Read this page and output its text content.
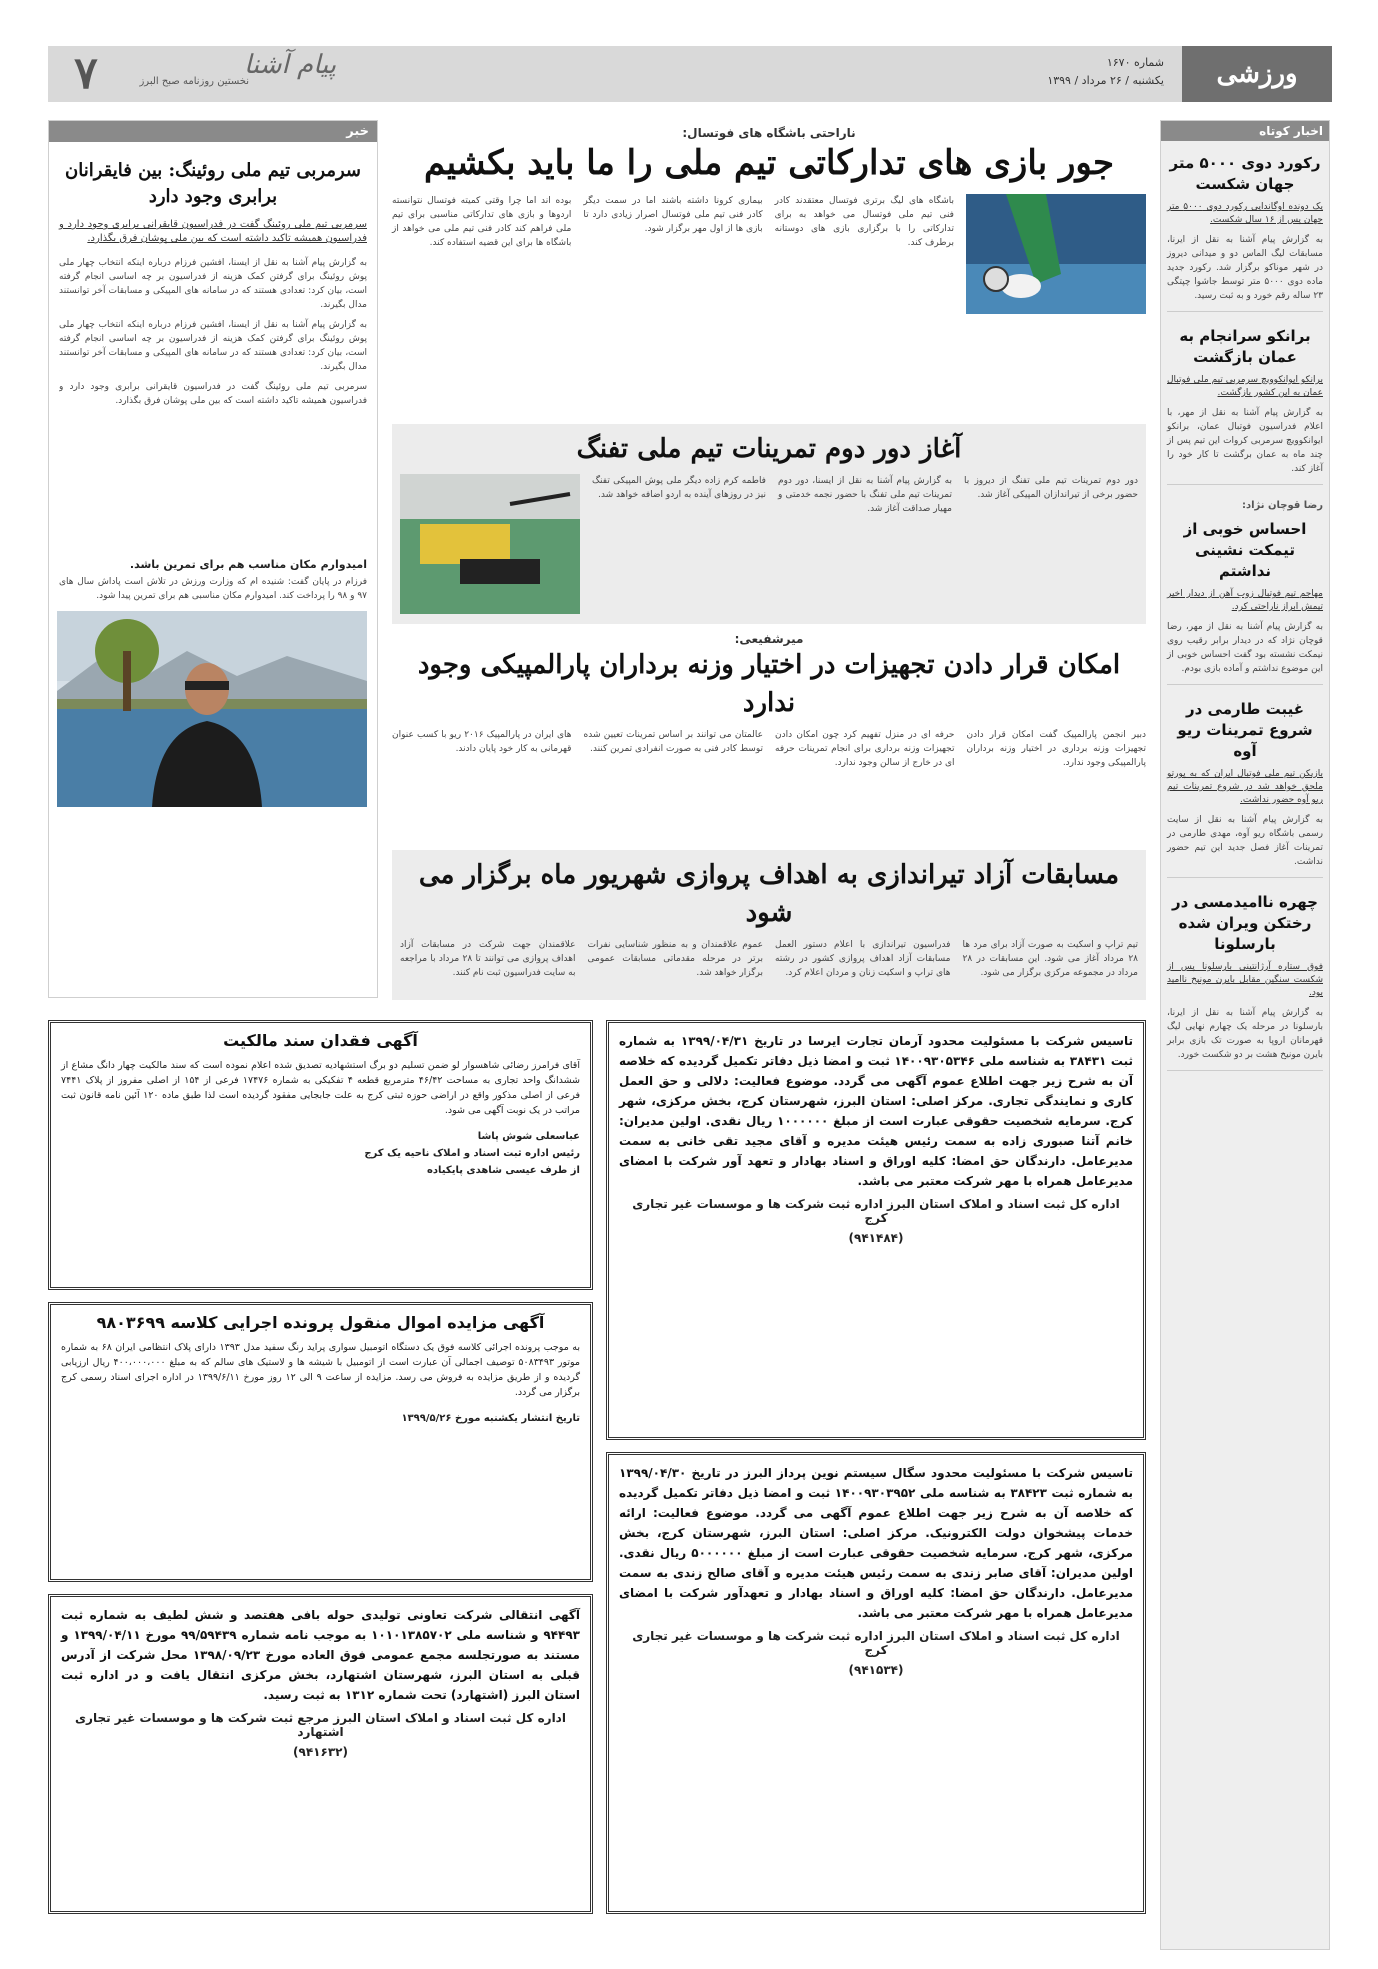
ورزشی
شماره ۱۶۷۰
یکشنبه / ۲۶ مرداد / ۱۳۹۹
پیام آشنا
نخستین روزنامه صبح البرز
۷
اخبار کوتاه
رکورد دوی ۵۰۰۰ متر جهان شکست
یک دونده اوگاندایی رکورد دوی ۵۰۰۰ متر جهان پس از ۱۶ سال شکست.
به گزارش پیام آشنا به نقل از ایرنا، مسابقات لیگ الماس دو و میدانی دیروز در شهر موناکو برگزار شد. رکورد جدید ماده دوی ۵۰۰۰ متر توسط جاشوا چپتگی ۲۳ ساله رقم خورد و به ثبت رسید.
برانکو سرانجام به عمان بازگشت
برانکو ایوانکوویچ سرمربی تیم ملی فوتبال عمان به این کشور بازگشت.
به گزارش پیام آشنا به نقل از مهر، با اعلام فدراسیون فوتبال عمان، برانکو ایوانکوویچ سرمربی کروات این تیم پس از چند ماه به عمان برگشت تا کار خود را آغاز کند.
رضا قوچان نژاد:
احساس خوبی از تیمکت نشینی نداشتم
مهاجم تیم فوتبال زوب آهن از دیدار اخیر تیمش ابراز ناراحتی کرد.
به گزارش پیام آشنا به نقل از مهر، رضا قوچان نژاد که در دیدار برابر رقیب روی نیمکت نشسته بود گفت احساس خوبی از این موضوع نداشتم و آماده بازی بودم.
غیبت طارمی در شروع تمرینات ریو آوه
بازیکن تیم ملی فوتبال ایران که به پورتو ملحق خواهد شد در شروع تمرینات تیم ریو آوه حضور نداشت.
به گزارش پیام آشنا به نقل از سایت رسمی باشگاه ریو آوه، مهدی طارمی در تمرینات آغاز فصل جدید این تیم حضور نداشت.
چهره ناامیدمسی در رختکن ویران شده بارسلونا
فوق ستاره آرژانتینی بارسلونا پس از شکست سنگین مقابل بایرن مونیخ ناامید بود.
به گزارش پیام آشنا به نقل از ایرنا، بارسلونا در مرحله یک چهارم نهایی لیگ قهرمانان اروپا به صورت تک بازی برابر بایرن مونیخ هشت بر دو شکست خورد.
خبر
سرمربی تیم ملی روئینگ: بین فایقرانان برابری وجود دارد
سرمربی تیم ملی روئینگ گفت در فدراسیون قایقرانی برابری وجود دارد و فدراسیون همیشه تاکید داشته است که بین ملی پوشان فرق بگذارد.
به گزارش پیام آشنا به نقل از ایسنا، افشین فرزام درباره اینکه انتخاب چهار ملی پوش روئینگ برای گرفتن کمک هزینه از فدراسیون بر چه اساسی انجام گرفته است، بیان کرد: تعدادی هستند که در سامانه های المپیکی و مسابقات آخر توانستند مدال بگیرند.
به گزارش پیام آشنا به نقل از ایسنا، افشین فرزام درباره اینکه انتخاب چهار ملی پوش روئینگ برای گرفتن کمک هزینه از فدراسیون بر چه اساسی انجام گرفته است، بیان کرد: تعدادی هستند که در سامانه های المپیکی و مسابقات آخر توانستند مدال بگیرند.
سرمربی تیم ملی روئینگ گفت در فدراسیون قایقرانی برابری وجود دارد و فدراسیون همیشه تاکید داشته است که بین ملی پوشان فرق بگذارد.
امیدوارم مکان مناسب هم برای تمرین باشد.
فرزام در پایان گفت: شنیده ام که وزارت ورزش در تلاش است پاداش سال های ۹۷ و ۹۸ را پرداخت کند. امیدوارم مکان مناسبی هم برای تمرین پیدا شود.
ناراحتی باشگاه های فوتسال:
جور بازی های تدارکاتی تیم ملی را ما باید بکشیم
باشگاه های لیگ برتری فوتسال معتقدند کادر فنی تیم ملی فوتسال می خواهد به برای تدارکاتی را با برگزاری بازی های دوستانه برطرف کند.
بیماری کرونا داشته باشند اما در سمت دیگر کادر فنی تیم ملی فوتسال اصرار زیادی دارد تا بازی ها از اول مهر برگزار شود.
بوده اند اما چرا وقتی کمیته فوتسال نتوانسته اردوها و بازی های تدارکاتی مناسبی برای تیم ملی فراهم کند کادر فنی تیم ملی می خواهد از باشگاه ها برای این قضیه استفاده کند.
آغاز دور دوم تمرینات تیم ملی تفنگ
دور دوم تمرینات تیم ملی تفنگ از دیروز با حضور برخی از تیراندازان المپیکی آغاز شد.
به گزارش پیام آشنا به نقل از ایسنا، دور دوم تمرینات تیم ملی تفنگ با حضور نجمه خدمتی و مهیار صداقت آغاز شد.
فاطمه کرم زاده دیگر ملی پوش المپیکی تفنگ نیز در روزهای آینده به اردو اضافه خواهد شد.
میرشفیعی:
امکان قرار دادن تجهیزات در اختیار وزنه برداران پارالمپیکی وجود ندارد
دبیر انجمن پارالمپیک گفت امکان قرار دادن تجهیزات وزنه برداری در اختیار وزنه برداران پارالمپیکی وجود ندارد.
حرفه ای در منزل تفهیم کرد چون امکان دادن تجهیزات وزنه برداری برای انجام تمرینات حرفه ای در خارج از سالن وجود ندارد.
عالمتان می توانند بر اساس تمرینات تعیین شده توسط کادر فنی به صورت انفرادی تمرین کنند.
های ایران در پارالمپیک ۲۰۱۶ ریو با کسب عنوان قهرمانی به کار خود پایان دادند.
مسابقات آزاد تیراندازی به اهداف پروازی شهریور ماه برگزار می شود
تیم تراپ و اسکیت به صورت آزاد برای مرد ها ۲۸ مرداد آغاز می شود. این مسابقات در ۲۸ مرداد در مجموعه مرکزی برگزار می شود.
فدراسیون تیراندازی با اعلام دستور العمل مسابقات آزاد اهداف پروازی کشور در رشته های تراپ و اسکیت زنان و مردان اعلام کرد.
عموم علاقمندان و به منظور شناسایی نفرات برتر در مرحله مقدماتی مسابقات عمومی برگزار خواهد شد.
علاقمندان جهت شرکت در مسابقات آزاد اهداف پروازی می توانند تا ۲۸ مرداد با مراجعه به سایت فدراسیون ثبت نام کنند.
تاسیس شرکت با مسئولیت محدود آرمان تجارت ایرسا در تاریخ ۱۳۹۹/۰۴/۳۱ به شماره ثبت ۳۸۴۳۱ به شناسه ملی ۱۴۰۰۹۳۰۵۳۴۶ ثبت و امضا ذیل دفاتر تکمیل گردیده که خلاصه آن به شرح زیر جهت اطلاع عموم آگهی می گردد. موضوع فعالیت: دلالی و حق العمل کاری و نمایندگی تجاری. مرکز اصلی: استان البرز، شهرستان کرج، بخش مرکزی، شهر کرج. سرمایه شخصیت حقوقی عبارت است از مبلغ ۱۰۰۰۰۰۰ ریال نقدی. اولین مدیران: خانم آتنا صبوری زاده به سمت رئیس هیئت مدیره و آقای مجید تقی خانی به سمت مدیرعامل. دارندگان حق امضا: کلیه اوراق و اسناد بهادار و تعهد آور شرکت با امضای مدیرعامل همراه با مهر شرکت معتبر می باشد.
اداره کل ثبت اسناد و املاک استان البرز اداره ثبت شرکت ها و موسسات غیر تجاری کرج
(۹۴۱۴۸۴)
آگهی فقدان سند مالکیت
آقای فرامرز رضائی شاهسوار لو ضمن تسلیم دو برگ استشهادیه تصدیق شده اعلام نموده است که سند مالکیت چهار دانگ مشاع از ششدانگ واحد تجاری به مساحت ۴۶/۴۲ مترمربع قطعه ۴ تفکیکی به شماره ۱۷۴۷۶ فرعی از ۱۵۴ از اصلی مفروز از پلاک ۷۴۴۱ فرعی از اصلی مذکور واقع در اراضی حوزه ثبتی کرج به علت جابجایی مفقود گردیده است لذا طبق ماده ۱۲۰ آئین نامه قانون ثبت مراتب در یک نوبت آگهی می شود.
عباسعلی شوش پاشا
رئیس اداره ثبت اسناد و املاک ناحیه یک کرج
از طرف عیسی شاهدی پایکیاده
آگهی مزایده اموال منقول پرونده اجرایی کلاسه ۹۸۰۳۶۹۹
به موجب پرونده اجرائی کلاسه فوق یک دستگاه اتومبیل سواری پراید رنگ سفید مدل ۱۳۹۳ دارای پلاک انتظامی ایران ۶۸ به شماره موتور ۵۰۸۳۴۹۳ توصیف اجمالی آن عبارت است از اتومبیل با شیشه ها و لاستیک های سالم که به مبلغ ۴۰۰،۰۰۰،۰۰۰ ریال ارزیابی گردیده و از طریق مزایده به فروش می رسد. مزایده از ساعت ۹ الی ۱۲ روز مورخ ۱۳۹۹/۶/۱۱ در اداره اجرای اسناد رسمی کرج برگزار می گردد.
تاریخ انتشار یکشنبه مورخ ۱۳۹۹/۵/۲۶
آگهی انتقالی شرکت تعاونی تولیدی حوله بافی هفتصد و شش لطیف به شماره ثبت ۹۴۴۹۳ و شناسه ملی ۱۰۱۰۱۳۸۵۷۰۲ به موجب نامه شماره ۹۹/۵۹۴۳۹ مورخ ۱۳۹۹/۰۴/۱۱ و مستند به صورتجلسه مجمع عمومی فوق العاده مورخ ۱۳۹۸/۰۹/۲۳ محل شرکت از آدرس قبلی به استان البرز، شهرستان اشتهارد، بخش مرکزی انتقال یافت و در اداره ثبت استان البرز (اشتهارد) تحت شماره ۱۳۱۲ به ثبت رسید.
اداره کل ثبت اسناد و املاک استان البرز مرجع ثبت شرکت ها و موسسات غیر تجاری اشتهارد
(۹۴۱۶۳۲)
تاسیس شرکت با مسئولیت محدود سگال سیستم نوین پرداز البرز در تاریخ ۱۳۹۹/۰۴/۳۰ به شماره ثبت ۳۸۴۲۳ به شناسه ملی ۱۴۰۰۹۳۰۳۹۵۲ ثبت و امضا ذیل دفاتر تکمیل گردیده که خلاصه آن به شرح زیر جهت اطلاع عموم آگهی می گردد. موضوع فعالیت: ارائه خدمات پیشخوان دولت الکترونیک. مرکز اصلی: استان البرز، شهرستان کرج، بخش مرکزی، شهر کرج. سرمایه شخصیت حقوقی عبارت است از مبلغ ۵۰۰۰۰۰۰ ریال نقدی. اولین مدیران: آقای صابر زندی به سمت رئیس هیئت مدیره و آقای صالح زندی به سمت مدیرعامل. دارندگان حق امضا: کلیه اوراق و اسناد بهادار و تعهدآور شرکت با امضای مدیرعامل همراه با مهر شرکت معتبر می باشد.
اداره کل ثبت اسناد و املاک استان البرز اداره ثبت شرکت ها و موسسات غیر تجاری کرج
(۹۴۱۵۳۴)
